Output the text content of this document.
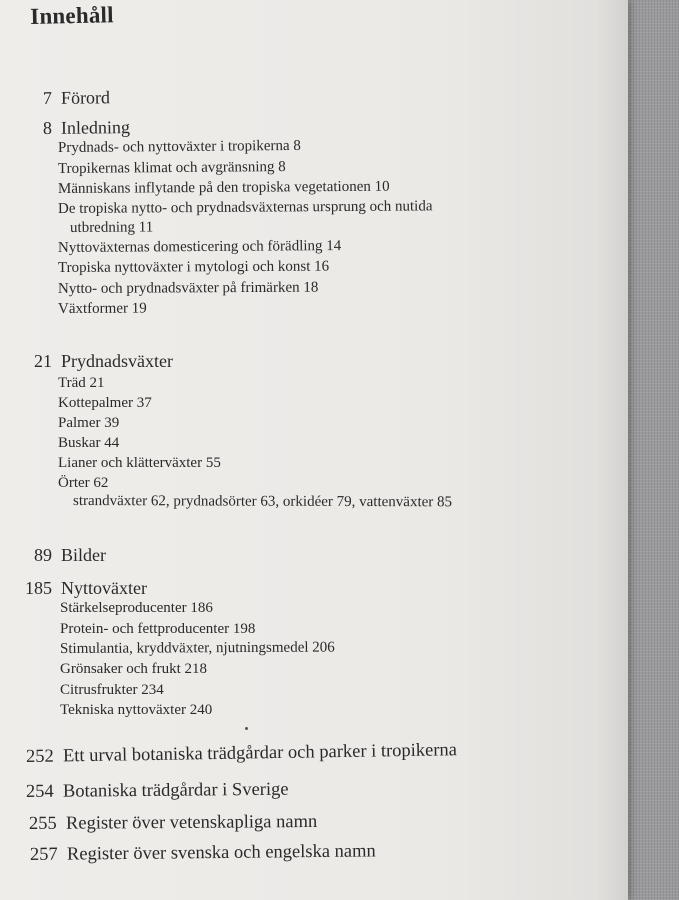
Innehåll
7 Förord
8 Inledning
Prydnads- och nyttoväxter i tropikerna 8
Tropikernas klimat och avgränsning 8
Människans inflytande på den tropiska vegetationen 10
De tropiska nytto- och prydnadsväxternas ursprung och nutida
utbredning 11
Nyttoväxternas domesticering och förädling 14
Tropiska nyttoväxter i mytologi och konst 16
Nytto- och prydnadsväxter på frimärken 18
Växtformer 19
21 Prydnadsväxter
Träd 21
Kottepalmer 37
Palmer 39
Buskar 44
Lianer och klätterväxter 55
Örter 62
strandväxter 62, prydnadsörter 63, orkidéer 79, vattenväxter 85
89 Bilder
185 Nyttoväxter
Stärkelseproducenter 186
Protein- och fettproducenter 198
Stimulantia, kryddväxter, njutningsmedel 206
Grönsaker och frukt 218
Citrusfrukter 234
Tekniska nyttoväxter 240
252 Ett urval botaniska trädgårdar och parker i tropikerna
254 Botaniska trädgårdar i Sverige
255 Register över vetenskapliga namn
257 Register över svenska och engelska namn
